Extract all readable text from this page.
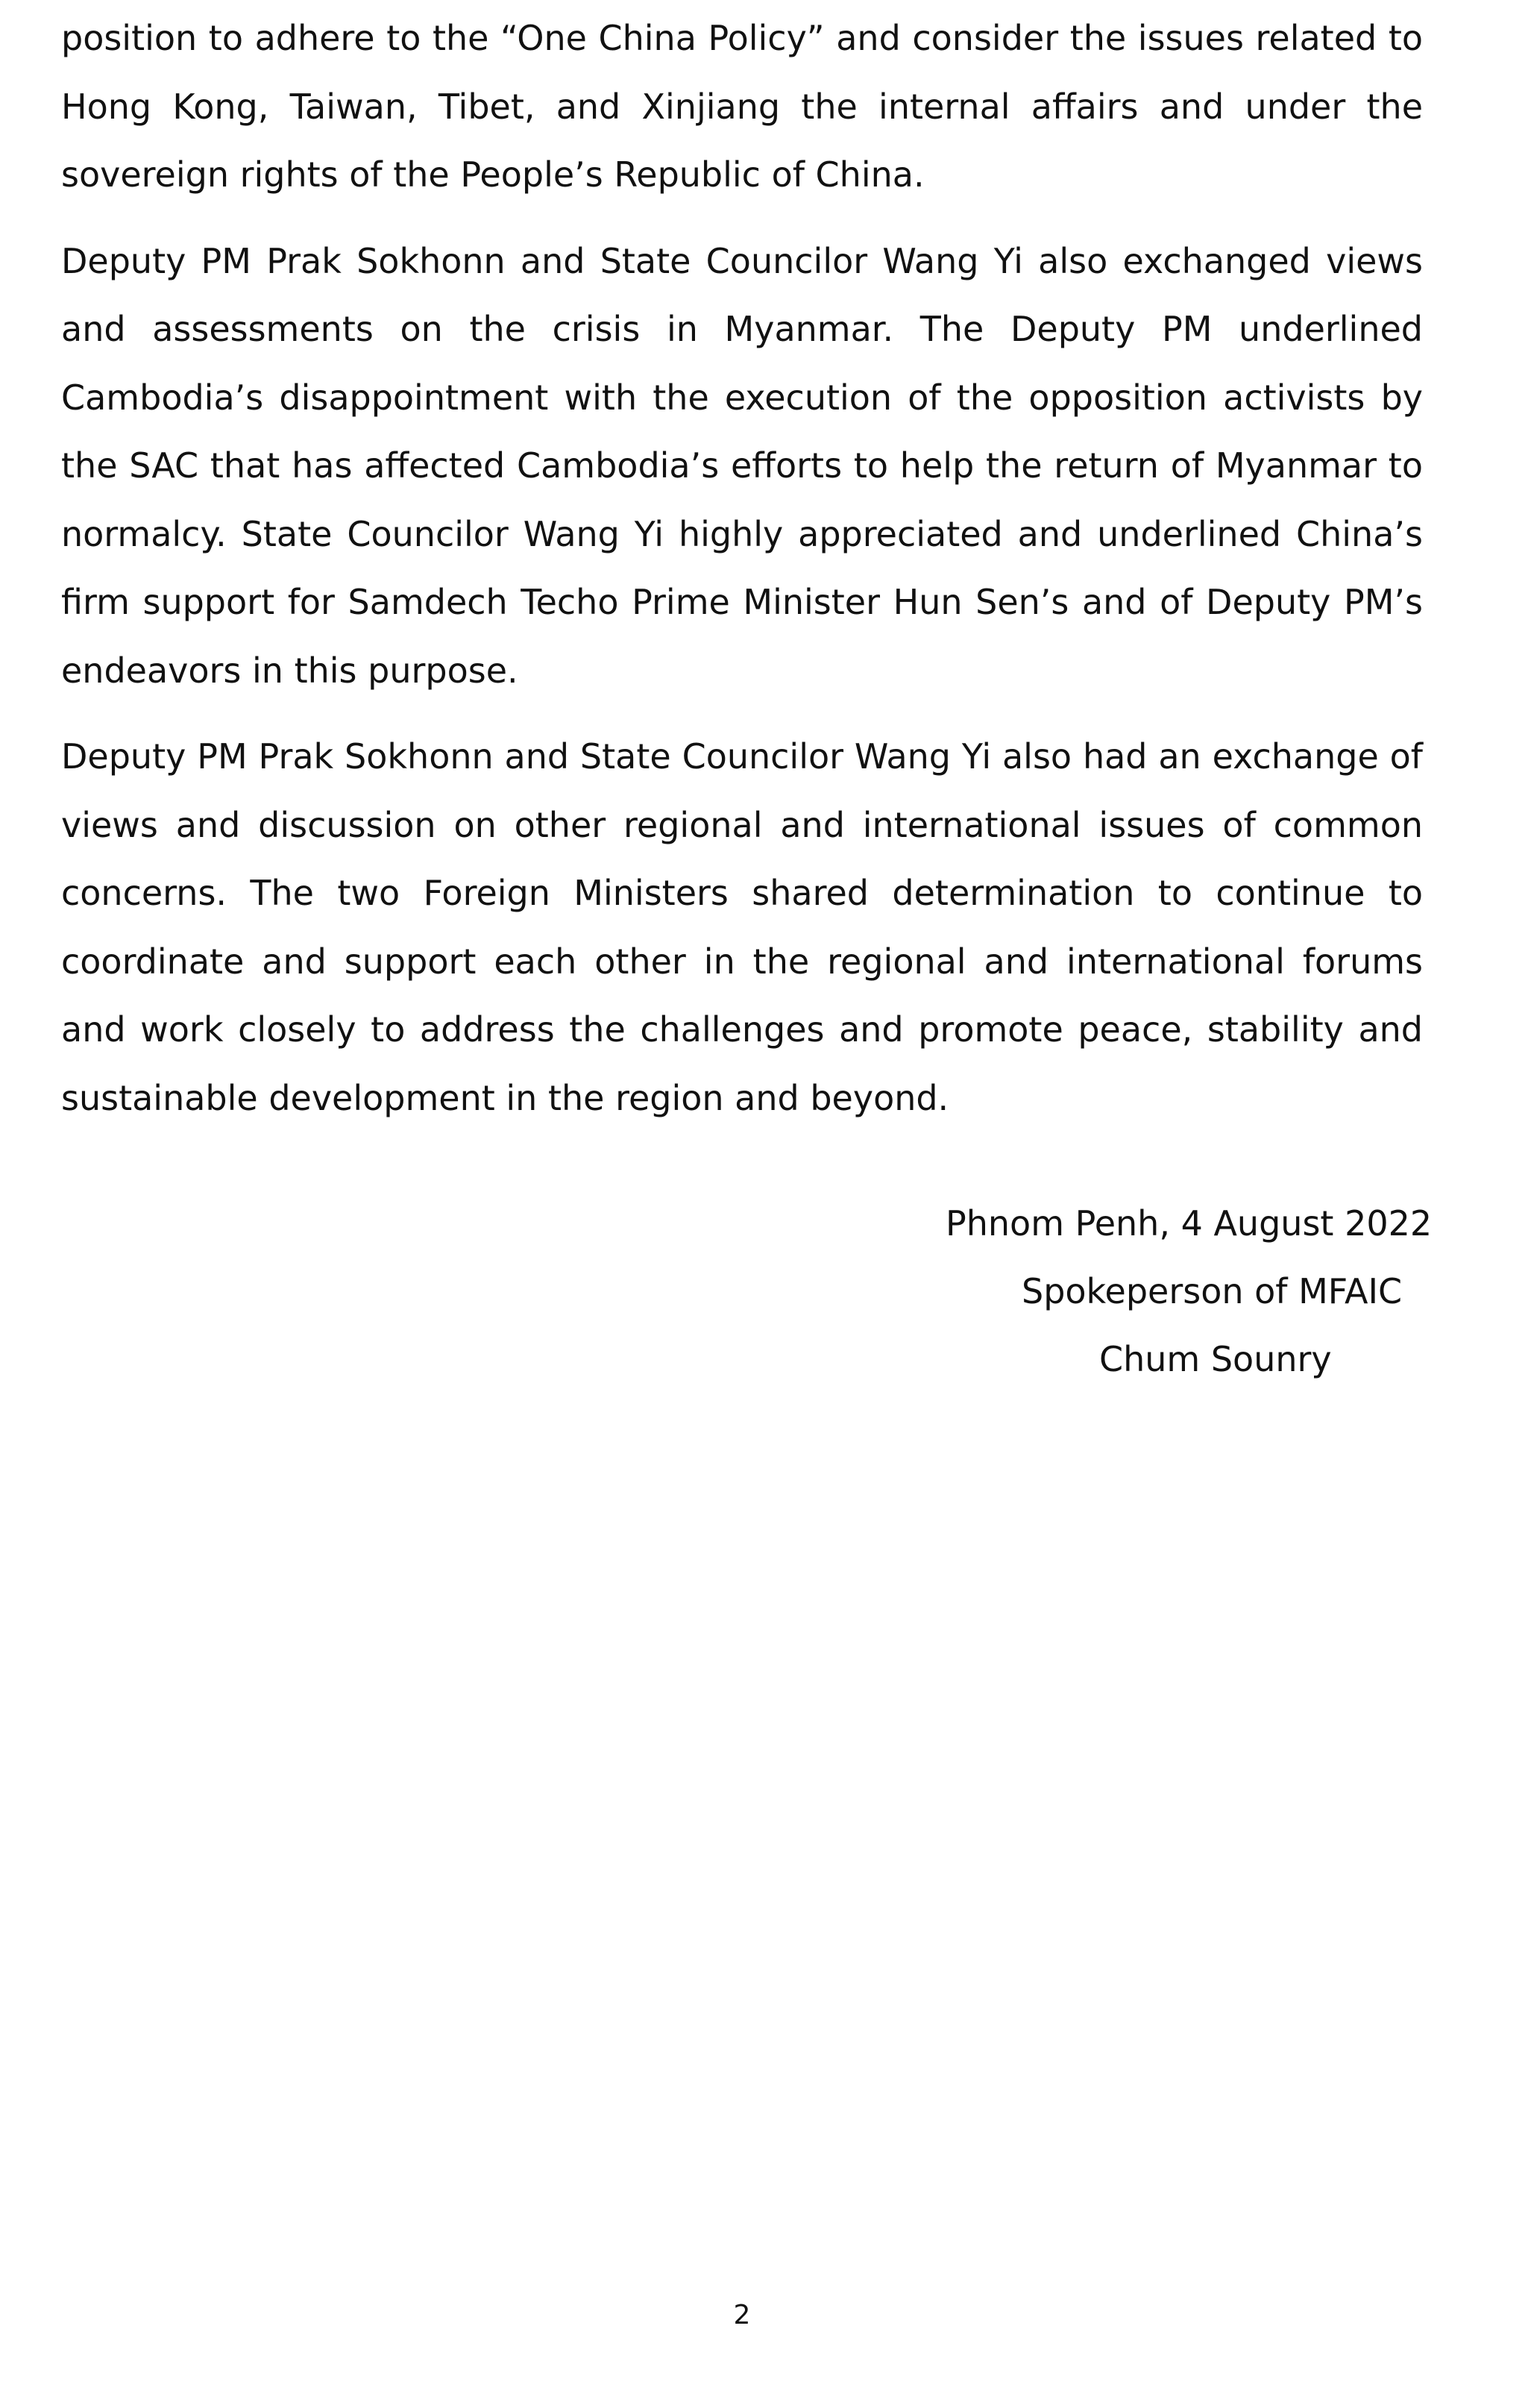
position to adhere to the “One China Policy” and consider the issues related to Hong Kong, Taiwan, Tibet, and Xinjiang the internal affairs and under the sovereign rights of the People’s Republic of China.

Deputy PM Prak Sokhonn and State Councilor Wang Yi also exchanged views and assessments on the crisis in Myanmar. The Deputy PM underlined Cambodia’s disappointment with the execution of the opposition activists by the SAC that has affected Cambodia’s efforts to help the return of Myanmar to normalcy. State Councilor Wang Yi highly appreciated and underlined China’s firm support for Samdech Techo Prime Minister Hun Sen’s and of Deputy PM’s endeavors in this purpose.

Deputy PM Prak Sokhonn and State Councilor Wang Yi also had an exchange of views and discussion on other regional and international issues of common concerns. The two Foreign Ministers shared determination to continue to coordinate and support each other in the regional and international forums and work closely to address the challenges and promote peace, stability and sustainable development in the region and beyond.

Phnom Penh, 4 August 2022
Spokeperson of MFAIC
Chum Sounry
2
